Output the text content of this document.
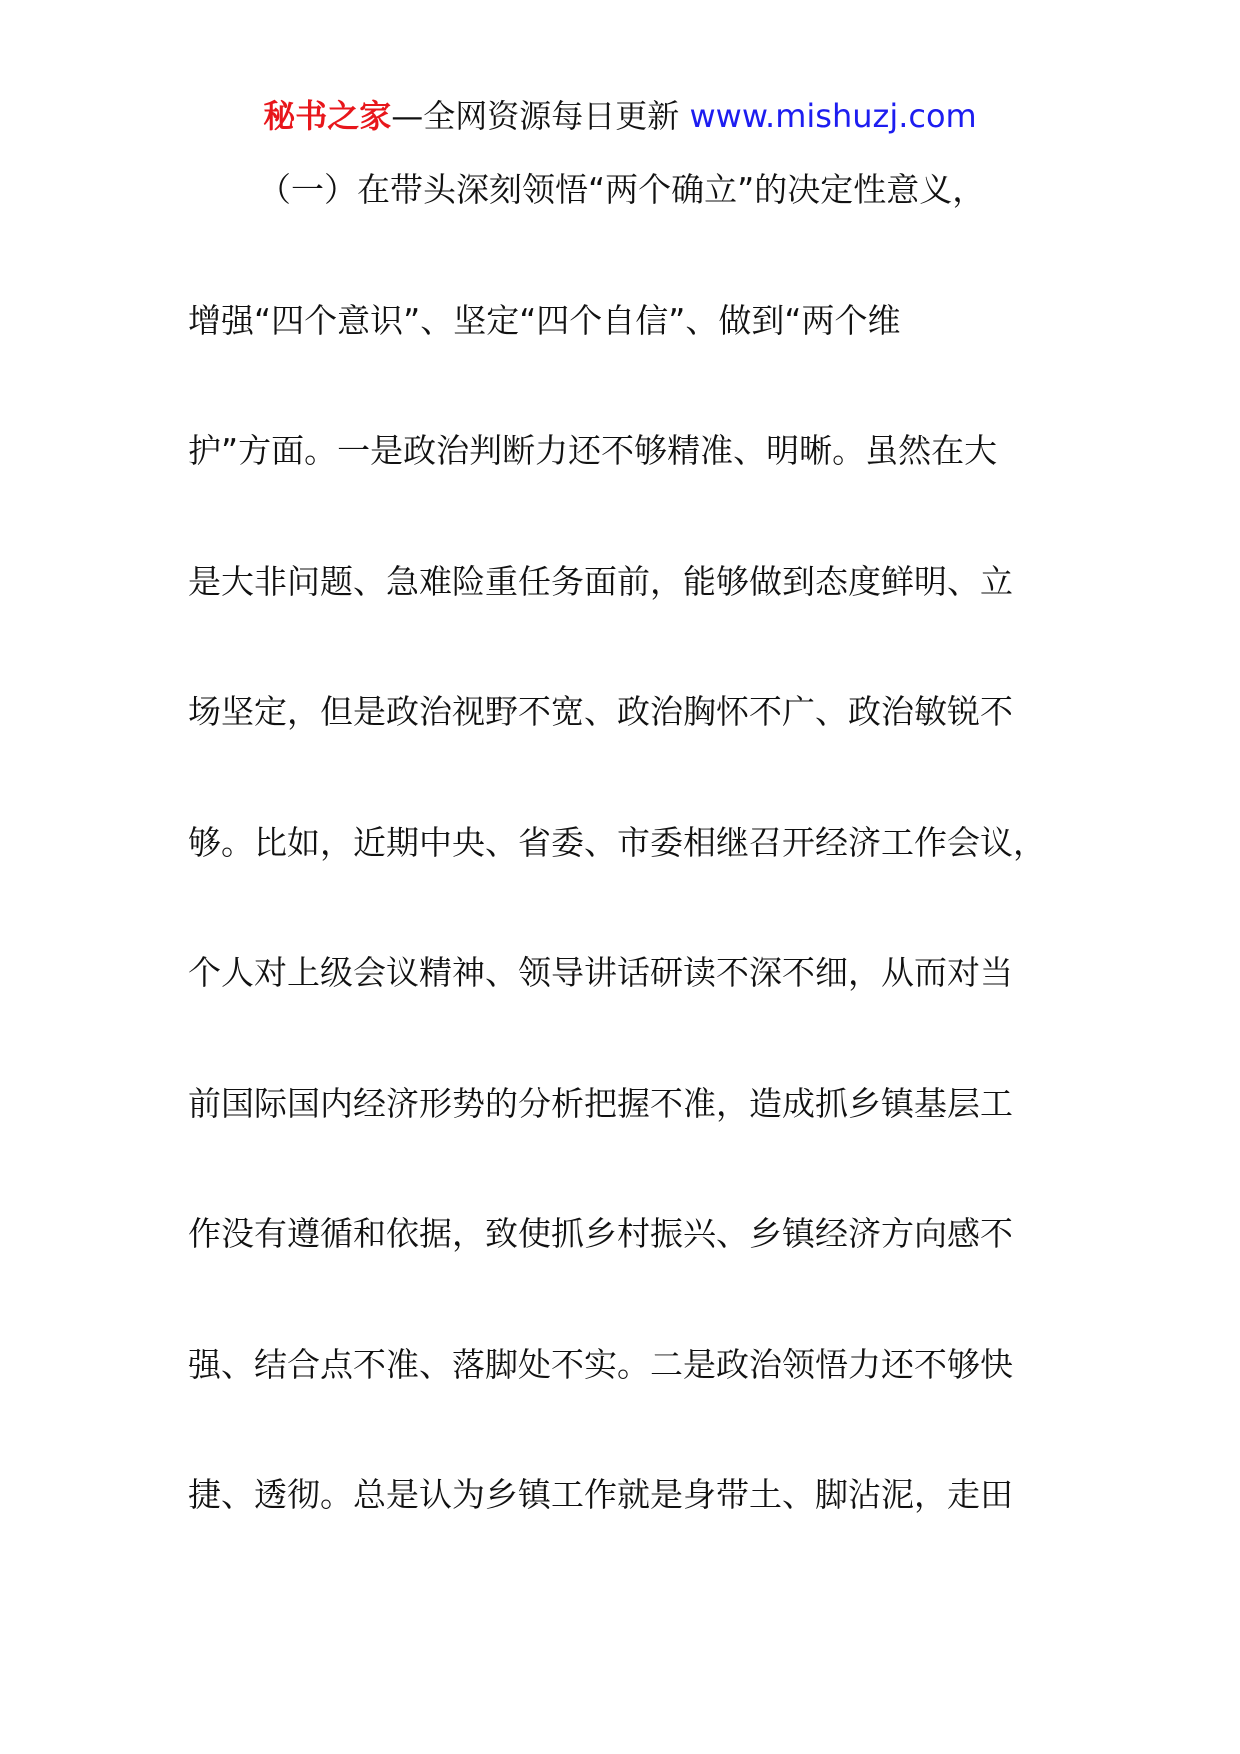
秘书之家—全网资源每日更新 www.mishuzj.com
（一）在带头深刻领悟“两个确立”的决定性意义，
增强“四个意识”、坚定“四个自信”、做到“两个维
护”方面。一是政治判断力还不够精准、明晰。虽然在大
是大非问题、急难险重任务面前，能够做到态度鲜明、立
场坚定，但是政治视野不宽、政治胸怀不广、政治敏锐不
够。比如，近期中央、省委、市委相继召开经济工作会议，
个人对上级会议精神、领导讲话研读不深不细，从而对当
前国际国内经济形势的分析把握不准，造成抓乡镇基层工
作没有遵循和依据，致使抓乡村振兴、乡镇经济方向感不
强、结合点不准、落脚处不实。二是政治领悟力还不够快
捷、透彻。总是认为乡镇工作就是身带土、脚沾泥，走田
